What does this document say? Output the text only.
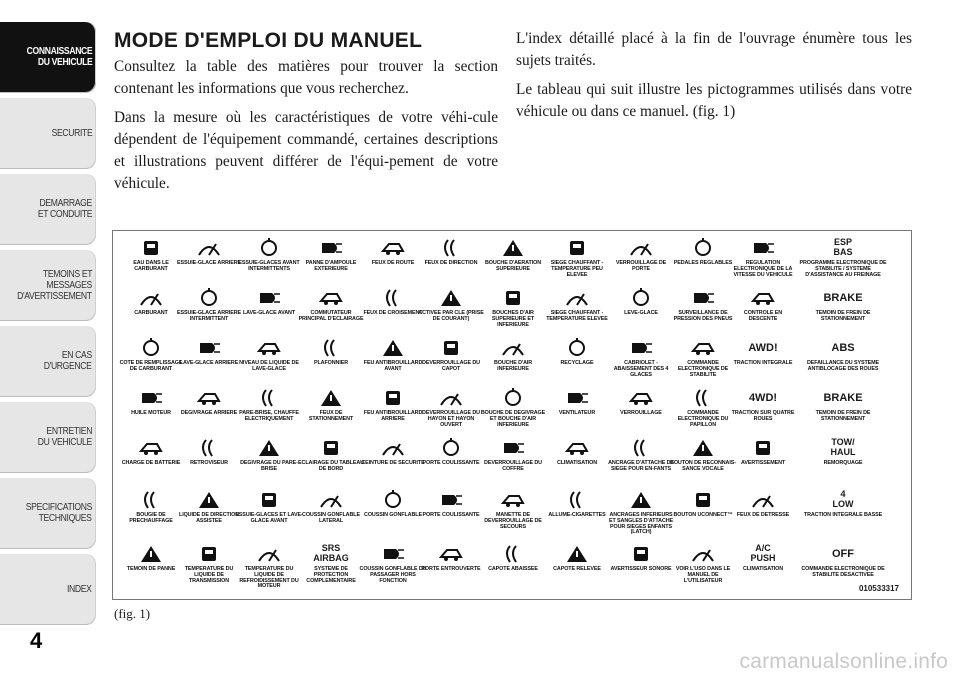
CONNAISSANCE
DU VEHICULE
SECURITE
DEMARRAGE
ET CONDUITE
TEMOINS ET
MESSAGES
D'AVERTISSEMENT
EN CAS
D'URGENCE
ENTRETIEN
DU VEHICULE
SPECIFICATIONS
TECHNIQUES
INDEX
4
MODE D'EMPLOI DU MANUEL

Consultez la table des matières pour trouver la section contenant les informations que vous recherchez.

Dans la mesure où les caractéristiques de votre véhi-cule dépendent de l'équipement commandé, certaines descriptions et illustrations peuvent différer de l'équi-pement de votre véhicule.

L'index détaillé placé à la fin de l'ouvrage énumère tous les sujets traités.

Le tableau qui suit illustre les pictogrammes utilisés dans votre véhicule ou dans ce manuel. (fig. 1)

EAU DANS LE CARBURANT
CARBURANT
COTE DE REMPLISSAGE DE CARBURANT
HUILE MOTEUR
CHARGE DE BATTERIE
BOUGIE DE PRECHAUFFAGE
TEMOIN DE PANNE
ESSUIE-GLACE ARRIERE
ESSUIE-GLACE ARRIERE INTERMITTENT
LAVE-GLACE ARRIERE
DEGIVRAGE ARRIERE
RETROVISEUR
LIQUIDE DE DIRECTION ASSISTEE
TEMPERATURE DU LIQUIDE DE TRANSMISSION
ESSUIE-GLACES AVANT INTERMITTENTS
LAVE-GLACE AVANT
NIVEAU DE LIQUIDE DE LAVE-GLACE
PARE-BRISE, CHAUFFE ELECTRIQUEMENT
DEGIVRAGE DU PARE-BRISE
ESSUIE-GLACES ET LAVE-GLACE AVANT
TEMPERATURE DU LIQUIDE DE REFROIDISSEMENT DU MOTEUR
PANNE D'AMPOULE EXTERIEURE
COMMUTATEUR PRINCIPAL D'ECLAIRAGE
PLAFONNIER
FEUX DE STATIONNEMENT
ECLAIRAGE DU TABLEAU DE BORD
COUSSIN GONFLABLE LATERAL
SRS
AIRBAG
SYSTEME DE PROTECTION COMPLEMENTAIRE
FEUX DE ROUTE
FEUX DE CROISEMENT
FEU ANTIBROUILLARD AVANT
FEU ANTIBROUILLARD ARRIERE
CEINTURE DE SECURITE
COUSSIN GONFLABLE
COUSSIN GONFLABLE DU PASSAGER HORS FONCTION
FEUX DE DIRECTION
ACTIVEE PAR CLE (PRISE DE COURANT)
DEVERROUILLAGE DU CAPOT
DEVERROUILLAGE DU HAYON ET HAYON OUVERT
PORTE COULISSANTE
PORTE COULISSANTE
PORTE ENTROUVERTE
BOUCHE D'AERATION SUPERIEURE
BOUCHES D'AIR SUPERIEURE ET INFERIEURE
BOUCHE D'AIR INFERIEURE
BOUCHE DE DEGIVRAGE ET BOUCHE D'AIR INFERIEURE
DEVERROUILLAGE DU COFFRE
MANETTE DE DEVERROUILLAGE DE SECOURS
CAPOTE ABAISSEE
SIEGE CHAUFFANT - TEMPERATURE PEU ELEVEE
SIEGE CHAUFFANT - TEMPERATURE ELEVEE
RECYCLAGE
VENTILATEUR
CLIMATISATION
ALLUME-CIGARETTES
CAPOTE RELEVEE
VERROUILLAGE DE PORTE
LEVE-GLACE
CABRIOLET - ABAISSEMENT DES 4 GLACES
VERROUILLAGE
ANCRAGE D'ATTACHE DE SIEGE POUR EN-FANTS
ANCRAGES INFERIEURS ET SANGLES D'ATTACHE POUR SIEGES ENFANTS (LATCH)
AVERTISSEUR SONORE
PEDALES REGLABLES
SURVEILLANCE DE PRESSION DES PNEUS
COMMANDE ELECTRONIQUE DE STABILITE
COMMANDE ELECTRONIQUE DU PAPILLON
BOUTON DE RECONNAIS-SANCE VOCALE
BOUTON UCONNECT™
VOIR L'USO DANS LE MANUEL DE L'UTILISATEUR
REGULATION ELECTRONIQUE DE LA VITESSE DU VEHICULE
CONTROLE EN DESCENTE
AWD!
TRACTION INTEGRALE
4WD!
TRACTION SUR QUATRE ROUES
AVERTISSEMENT
FEUX DE DETRESSE
A/C
PUSH
CLIMATISATION
ESP
BAS
PROGRAMME ELECTRONIQUE DE STABILITE / SYSTEME D'ASSISTANCE AU FREINAGE
BRAKE
TEMOIN DE FREIN DE STATIONNEMENT
ABS
DEFAILLANCE DU SYSTEME ANTIBLOCAGE DES ROUES
BRAKE
TEMOIN DE FREIN DE STATIONNEMENT
TOW/
HAUL
REMORQUAGE
4
LOW
TRACTION INTEGRALE BASSE
OFF
COMMANDE ELECTRONIQUE DE STABILITE DESACTIVEE
010533317
(fig. 1)
carmanualsonline.info
